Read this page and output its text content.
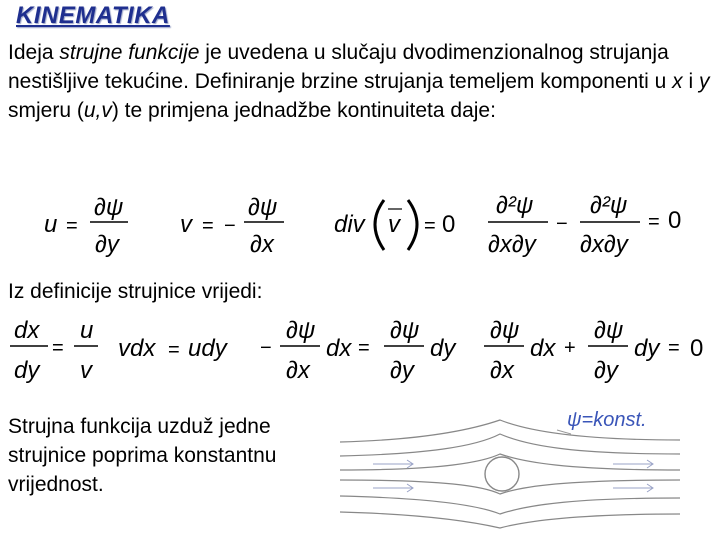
KINEMATIKA
Ideja strujne funkcije je uvedena u slučaju dvodimenzionalnog strujanja nestišljive tekućine. Definiranje brzine strujanja temeljem komponenti u x i y smjeru (u,v) te primjena jednadžbe kontinuiteta daje:
u =
∂ψ
∂y
v = −
∂ψ
∂x
div v = 0
∂²ψ
∂x∂y
−
∂²ψ
∂x∂y
= 0
Iz definicije strujnice vrijedi:
dx
dy
=
u
v
vdx = udy −
∂ψ
∂x
dx =
∂ψ
∂y
dy
∂ψ
∂x
dx +
∂ψ
∂y
dy = 0
Strujna funkcija uzduž jedne strujnice poprima konstantnu vrijednost.
ψ=konst.
